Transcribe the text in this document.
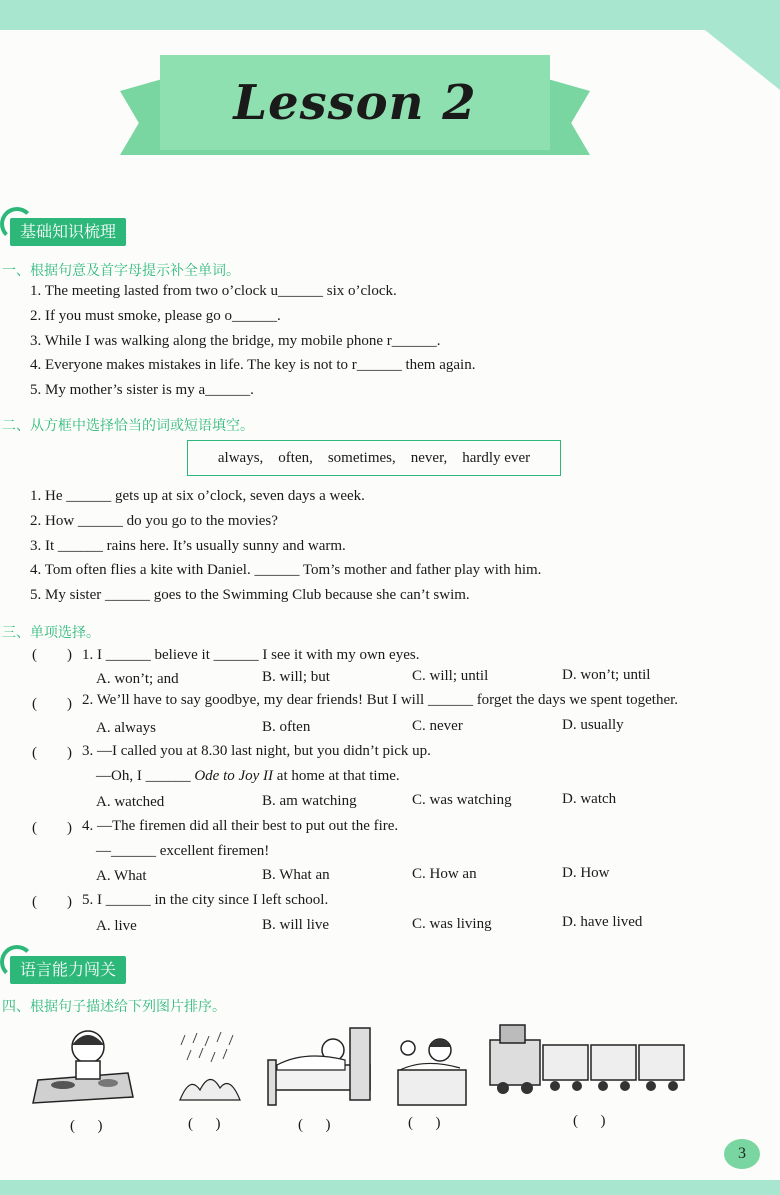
Lesson 2
基础知识梳理
一、根据句意及首字母提示补全单词。
1. The meeting lasted from two o’clock u______ six o’clock.
2. If you must smoke, please go o______.
3. While I was walking along the bridge, my mobile phone r______.
4. Everyone makes mistakes in life. The key is not to r______ them again.
5. My mother’s sister is my a______.
二、从方框中选择恰当的词或短语填空。
always,    often,    sometimes,    never,    hardly ever
1. He ______ gets up at six o’clock, seven days a week.
2. How ______ do you go to the movies?
3. It ______ rains here. It’s usually sunny and warm.
4. Tom often flies a kite with Daniel. ______ Tom’s mother and father play with him.
5. My sister ______ goes to the Swimming Club because she can’t swim.
三、单项选择。
(        ) 1. I ______ believe it ______ I see it with my own eyes.
A. won’t; and	B. will; but	C. will; until	D. won’t; until
(        ) 2. We’ll have to say goodbye, my dear friends! But I will ______ forget the days we spent together.
A. always	B. often	C. never	D. usually
(        ) 3. —I called you at 8.30 last night, but you didn’t pick up.
—Oh, I ______ Ode to Joy II at home at that time.
A. watched	B. am watching	C. was watching	D. watch
(        ) 4. —The firemen did all their best to put out the fire.
—______ excellent firemen!
A. What	B. What an	C. How an	D. How
(        ) 5. I ______ in the city since I left school.
A. live	B. will live	C. was living	D. have lived
语言能力闯关
四、根据句子描述给下列图片排序。
(      )	(      )	(      )	(      )	(      )
3
